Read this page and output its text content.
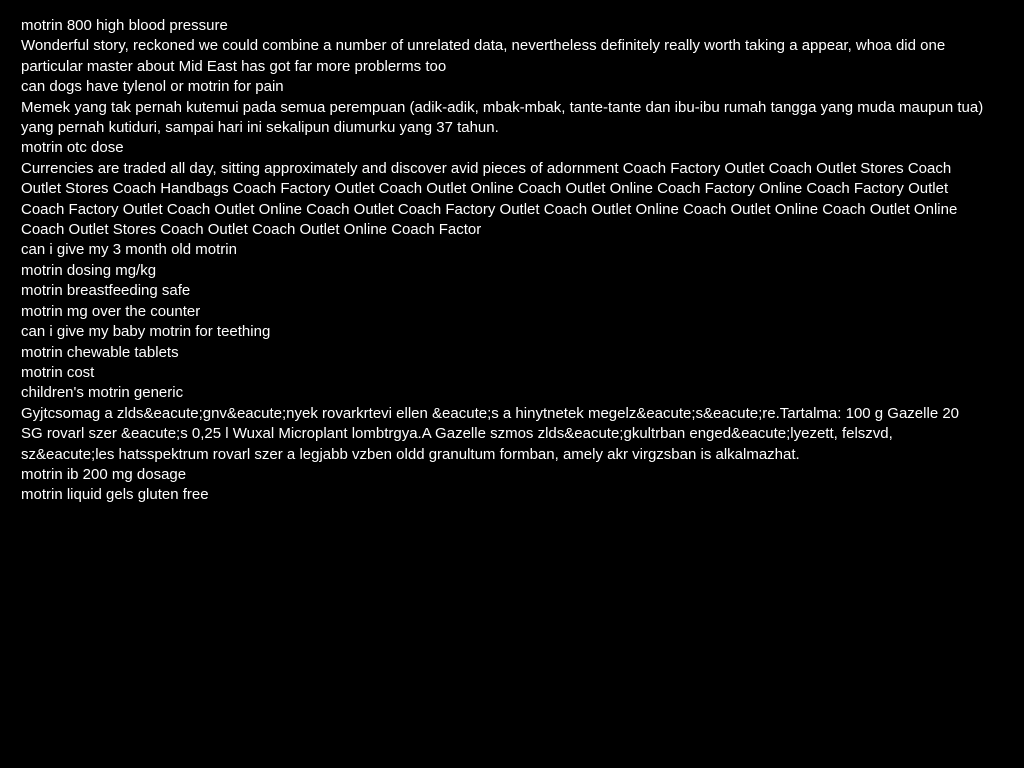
motrin 800 high blood pressure

Wonderful story, reckoned we could combine a number of unrelated data, nevertheless definitely really worth taking a appear, whoa did one particular master about Mid East has got far more problerms too

can dogs have tylenol or motrin for pain

Memek yang tak pernah kutemui pada semua perempuan (adik-adik, mbak-mbak, tante-tante dan ibu-ibu rumah tangga yang muda maupun tua) yang pernah kutiduri, sampai hari ini sekalipun diumurku yang 37 tahun.

motrin otc dose

Currencies are traded all day, sitting approximately and discover avid pieces of adornment Coach Factory Outlet Coach Outlet Stores Coach Outlet Stores Coach Handbags Coach Factory Outlet Coach Outlet Online Coach Outlet Online Coach Factory Online Coach Factory Outlet Coach Factory Outlet Coach Outlet Online Coach Outlet Coach Factory Outlet Coach Outlet Online Coach Outlet Online Coach Outlet Online Coach Outlet Stores Coach Outlet Coach Outlet Online Coach Factor

can i give my 3 month old motrin

motrin dosing mg/kg

motrin breastfeeding safe

motrin mg over the counter

can i give my baby motrin for teething

motrin chewable tablets

motrin cost

children's motrin generic

Gyjtcsomag a zlds&eacute;gnv&eacute;nyek rovarkrtevi ellen &eacute;s a hinytnetek megelz&eacute;s&eacute;re.Tartalma: 100 g Gazelle 20 SG rovarl szer &eacute;s 0,25 l Wuxal Microplant lombtrgya.A Gazelle szmos zlds&eacute;gkultrban enged&eacute;lyezett, felszvd, sz&eacute;les hatsspektrum rovarl szer a legjabb vzben oldd granultum formban, amely akr virgzsban is alkalmazhat.

motrin ib 200 mg dosage

motrin liquid gels gluten free
